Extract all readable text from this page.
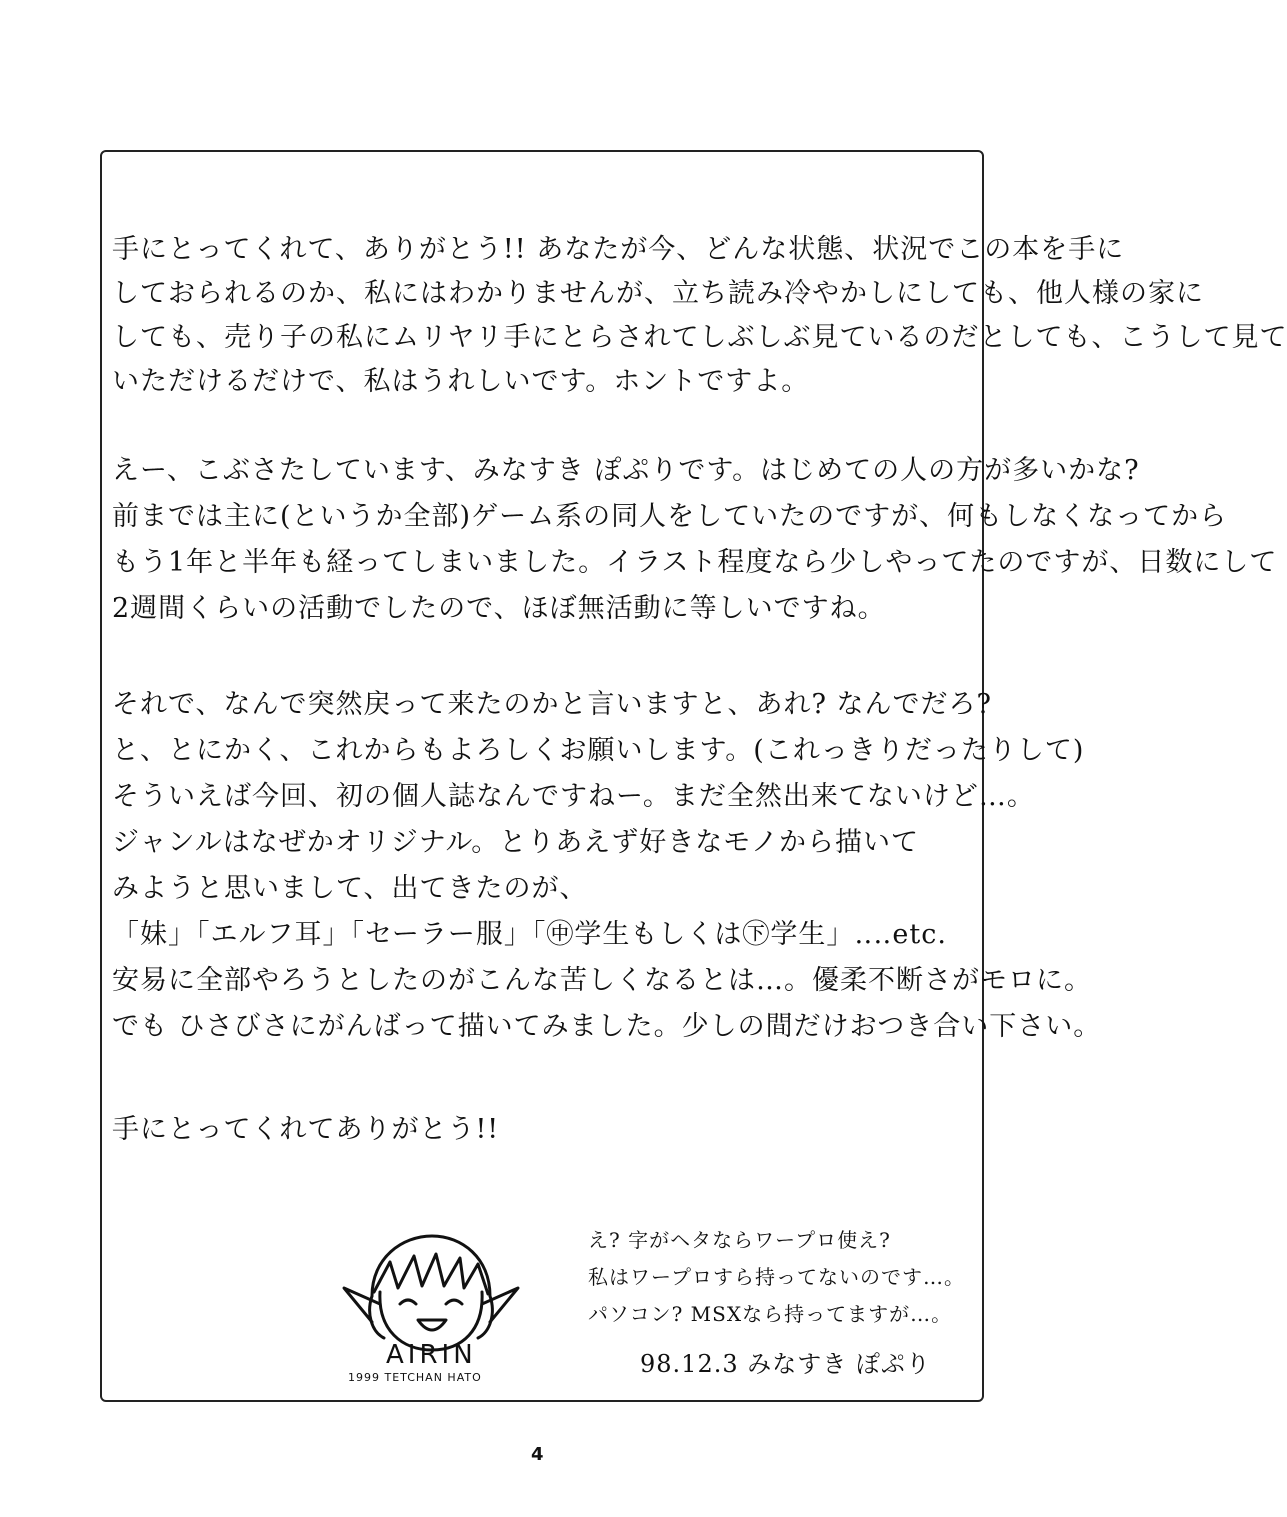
手にとってくれて、ありがとう!! あなたが今、どんな状態、状況でこの本を手に
しておられるのか、私にはわかりませんが、立ち読み冷やかしにしても、他人様の家に
しても、売り子の私にムリヤリ手にとらされてしぶしぶ見ているのだとしても、こうして見て
いただけるだけで、私はうれしいです。ホントですよ。
えー、こぶさたしています、みなすき ぽぷりです。はじめての人の方が多いかな?
前までは主に(というか全部)ゲーム系の同人をしていたのですが、何もしなくなってから
もう1年と半年も経ってしまいました。イラスト程度なら少しやってたのですが、日数にして
2週間くらいの活動でしたので、ほぼ無活動に等しいですね。
それで、なんで突然戻って来たのかと言いますと、あれ? なんでだろ?
と、とにかく、これからもよろしくお願いします。(これっきりだったりして)
そういえば今回、初の個人誌なんですねー。まだ全然出来てないけど…。
ジャンルはなぜかオリジナル。とりあえず好きなモノから描いて
みようと思いまして、出てきたのが、
「妹」「エルフ耳」「セーラー服」「㊥学生もしくは㊦学生」‥‥etc.
安易に全部やろうとしたのがこんな苦しくなるとは…。優柔不断さがモロに。
でも ひさびさにがんばって描いてみました。少しの間だけおつき合い下さい。
手にとってくれてありがとう!!
AIRIN
1999 TETCHAN HATO
え? 字がヘタならワープロ使え?
私はワープロすら持ってないのです…。
パソコン? MSXなら持ってますが…。
98.12.3 みなすき ぽぷり
4
